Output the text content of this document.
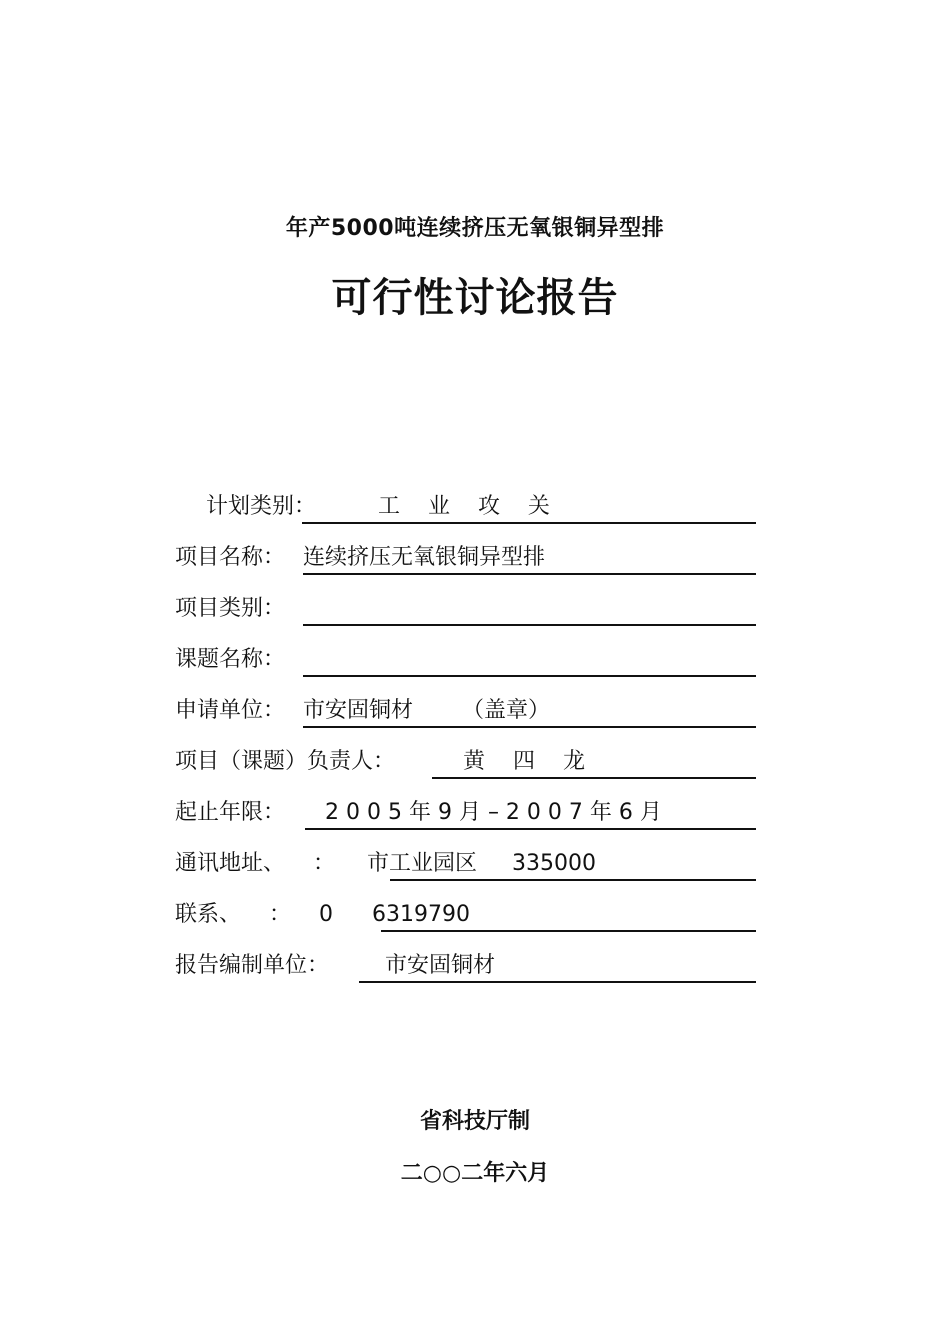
年产5000吨连续挤压无氧银铜异型排
可行性讨论报告
计划类别：	工    业    攻    关
项目名称： 连续挤压无氧银铜异型排
项目类别：
课题名称：
申请单位： 市安固铜材       （盖章）
项目（课题）负责人：	黄    四    龙
起止年限： 2 0 0 5 年 9 月 – 2 0 0 7 年 6 月
通讯地址、    ： 市工业园区     335000
联系、    ：    0 6319790
报告编制单位：	市安固铜材
省科技厅制
二○○二年六月
